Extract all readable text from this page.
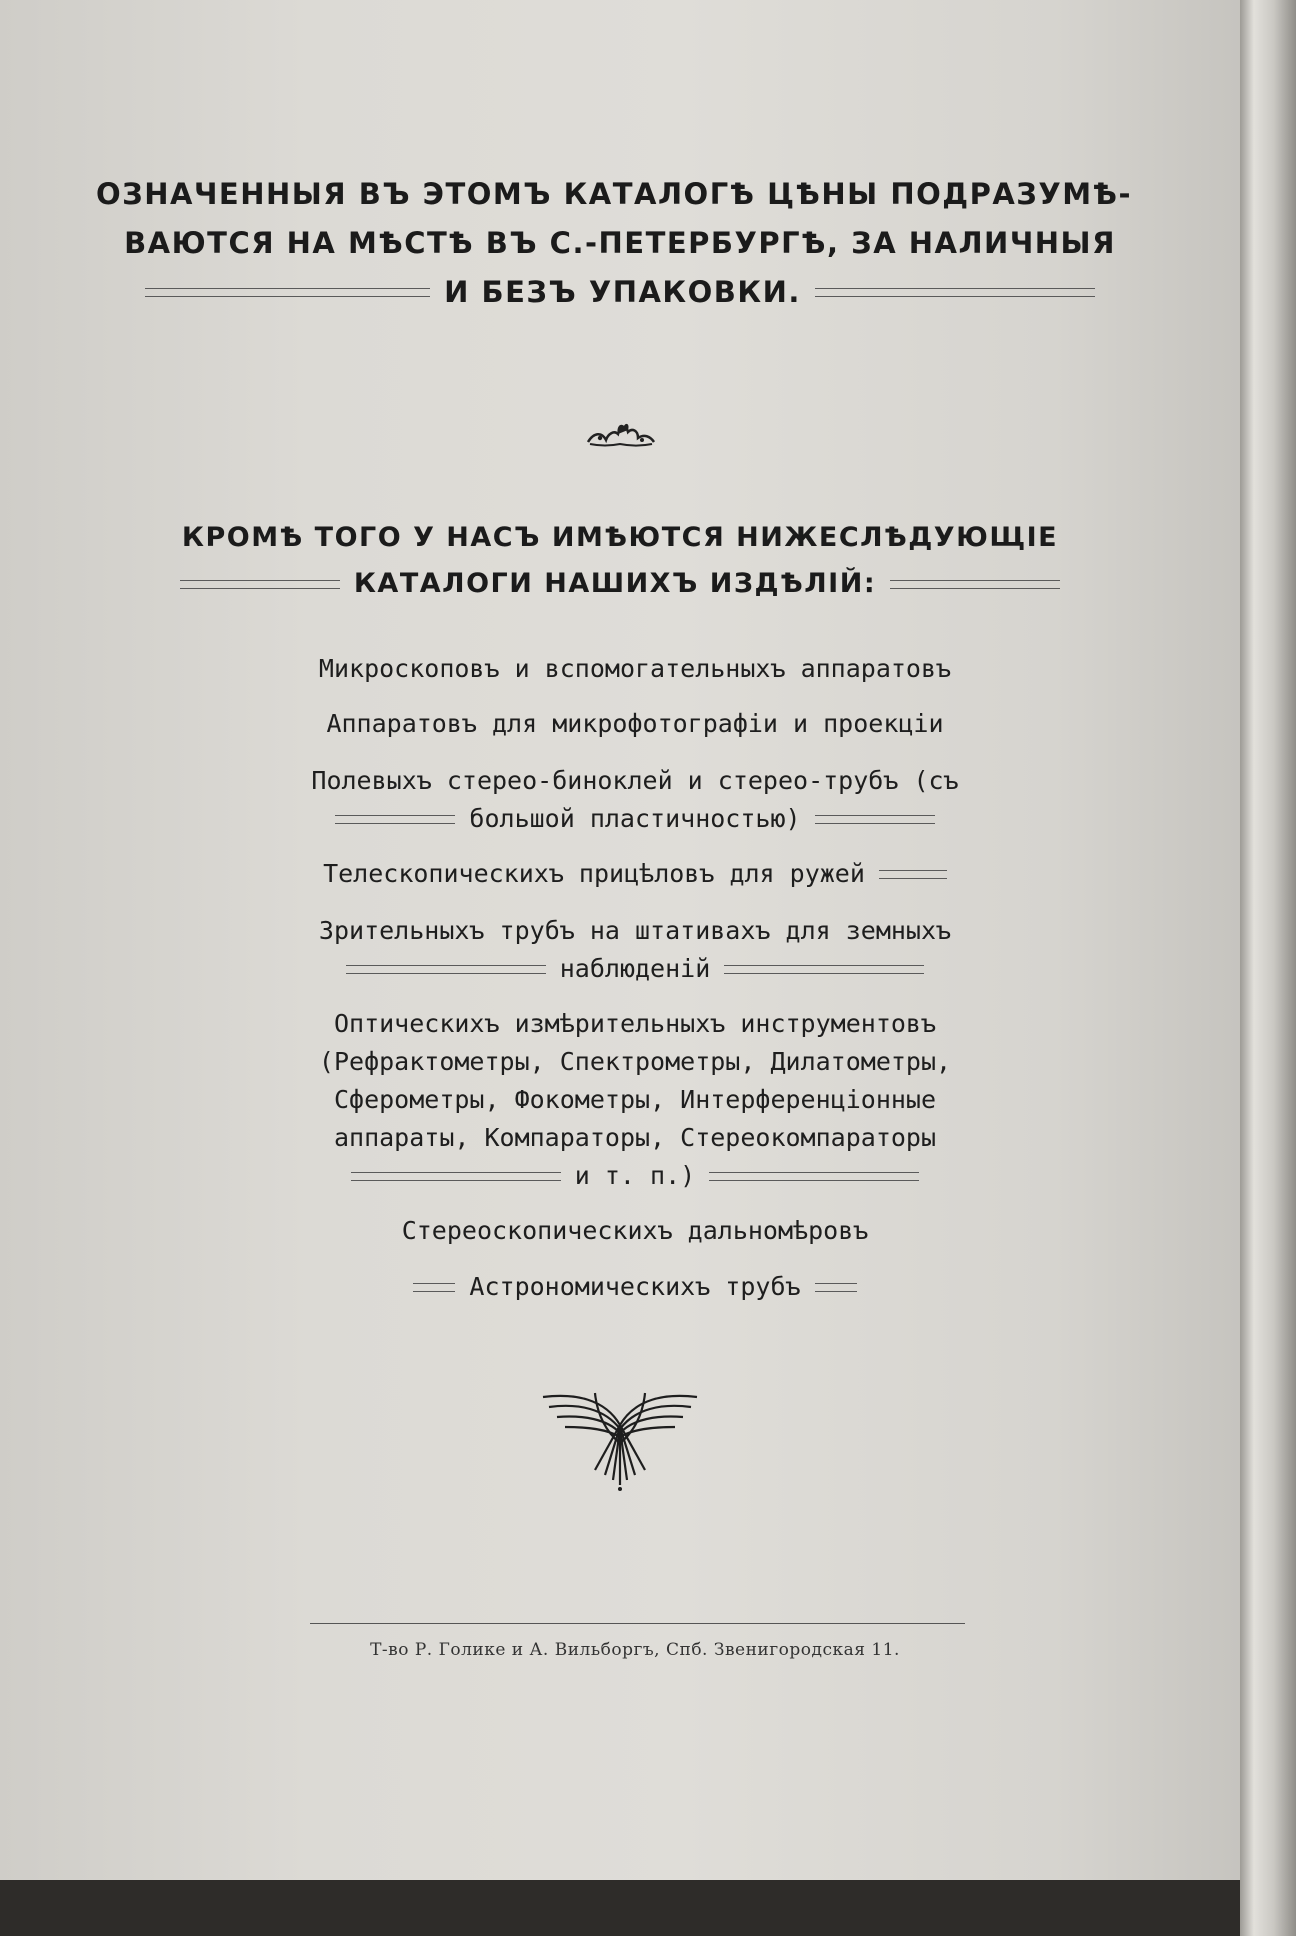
ОЗНАЧЕННЫЯ ВЪ ЭТОМЪ КАТАЛОГѢ ЦѢНЫ ПОДРАЗУМѢ-
ВАЮТСЯ НА МѢСТѢ ВЪ С.-ПЕТЕРБУРГѢ, ЗА НАЛИЧНЫЯ
И БЕЗЪ УПАКОВКИ.
КРОМѢ ТОГО У НАСЪ ИМѢЮТСЯ НИЖЕСЛѢДУЮЩIЕ
КАТАЛОГИ НАШИХЪ ИЗДѢЛIЙ:
Микроскоповъ и вспомогательныхъ аппаратовъ
Аппаратовъ для микрофотографiи и проекцiи
Полевыхъ стерео-биноклей и стерео-трубъ (съ
большой пластичностью)
Телескопическихъ прицѣловъ для ружей
Зрительныхъ трубъ на штативахъ для земныхъ
наблюденiй
Оптическихъ измѣрительныхъ инструментовъ
(Рефрактометры, Спектрометры, Дилатометры,
Сферометры, Фокометры, Интерференцiонные
аппараты, Компараторы, Стереокомпараторы
и т. п.)
Стереоскопическихъ дальномѣровъ
Астрономическихъ трубъ
Т-во Р. Голике и А. Вильборгъ, Спб. Звенигородская 11.
